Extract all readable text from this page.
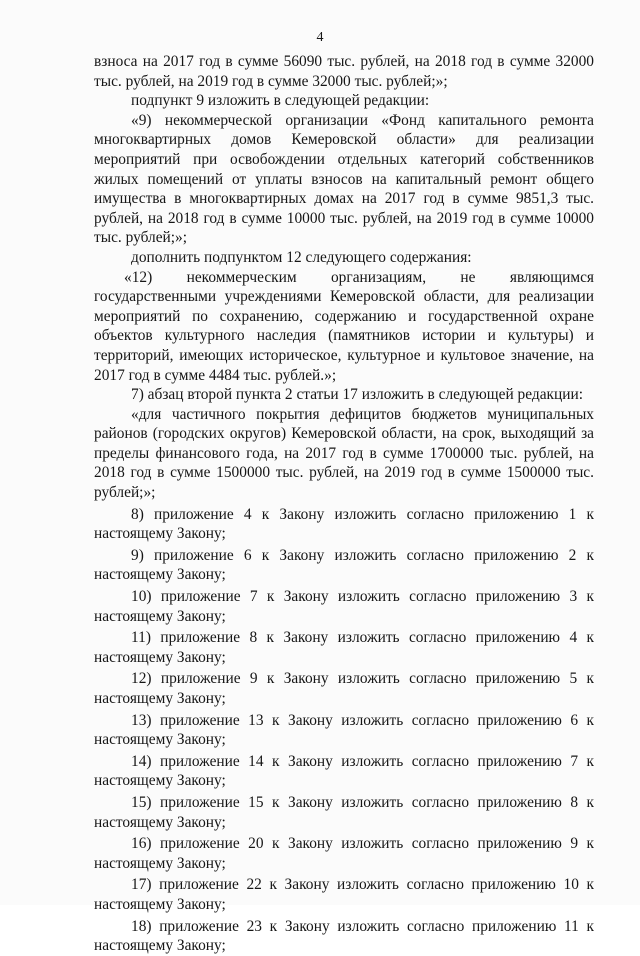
4

взноса на 2017 год в сумме 56090 тыс. рублей, на 2018 год в сумме 32000 тыс. рублей, на 2019 год в сумме 32000 тыс. рублей;»;

подпункт 9 изложить в следующей редакции:

«9) некоммерческой организации «Фонд капитального ремонта многоквартирных домов Кемеровской области» для реализации мероприятий при освобождении отдельных категорий собственников жилых помещений от уплаты взносов на капитальный ремонт общего имущества в многоквартирных домах на 2017 год в сумме 9851,3 тыс. рублей, на 2018 год в сумме 10000 тыс. рублей, на 2019 год в сумме 10000 тыс. рублей;»;

дополнить подпунктом 12 следующего содержания:

«12) некоммерческим организациям, не являющимся государственными учреждениями Кемеровской области, для реализации мероприятий по сохранению, содержанию и государственной охране объектов культурного наследия (памятников истории и культуры) и территорий, имеющих историческое, культурное и культовое значение, на 2017 год в сумме 4484 тыс. рублей.»;

7) абзац второй пункта 2 статьи 17 изложить в следующей редакции:

«для частичного покрытия дефицитов бюджетов муниципальных районов (городских округов) Кемеровской области, на срок, выходящий за пределы финансового года, на 2017 год в сумме 1700000 тыс. рублей, на 2018 год в сумме 1500000 тыс. рублей, на 2019 год в сумме 1500000 тыс. рублей;»;

8) приложение 4 к Закону изложить согласно приложению 1 к настоящему Закону;

9) приложение 6 к Закону изложить согласно приложению 2 к настоящему Закону;

10) приложение 7 к Закону изложить согласно приложению 3 к настоящему Закону;

11) приложение 8 к Закону изложить согласно приложению 4 к настоящему Закону;

12) приложение 9 к Закону изложить согласно приложению 5 к настоящему Закону;

13) приложение 13 к Закону изложить согласно приложению 6 к настоящему Закону;

14) приложение 14 к Закону изложить согласно приложению 7 к настоящему Закону;

15) приложение 15 к Закону изложить согласно приложению 8 к настоящему Закону;

16) приложение 20 к Закону изложить согласно приложению 9 к настоящему Закону;

17) приложение 22 к Закону изложить согласно приложению 10 к настоящему Закону;

18) приложение 23 к Закону изложить согласно приложению 11 к настоящему Закону;
